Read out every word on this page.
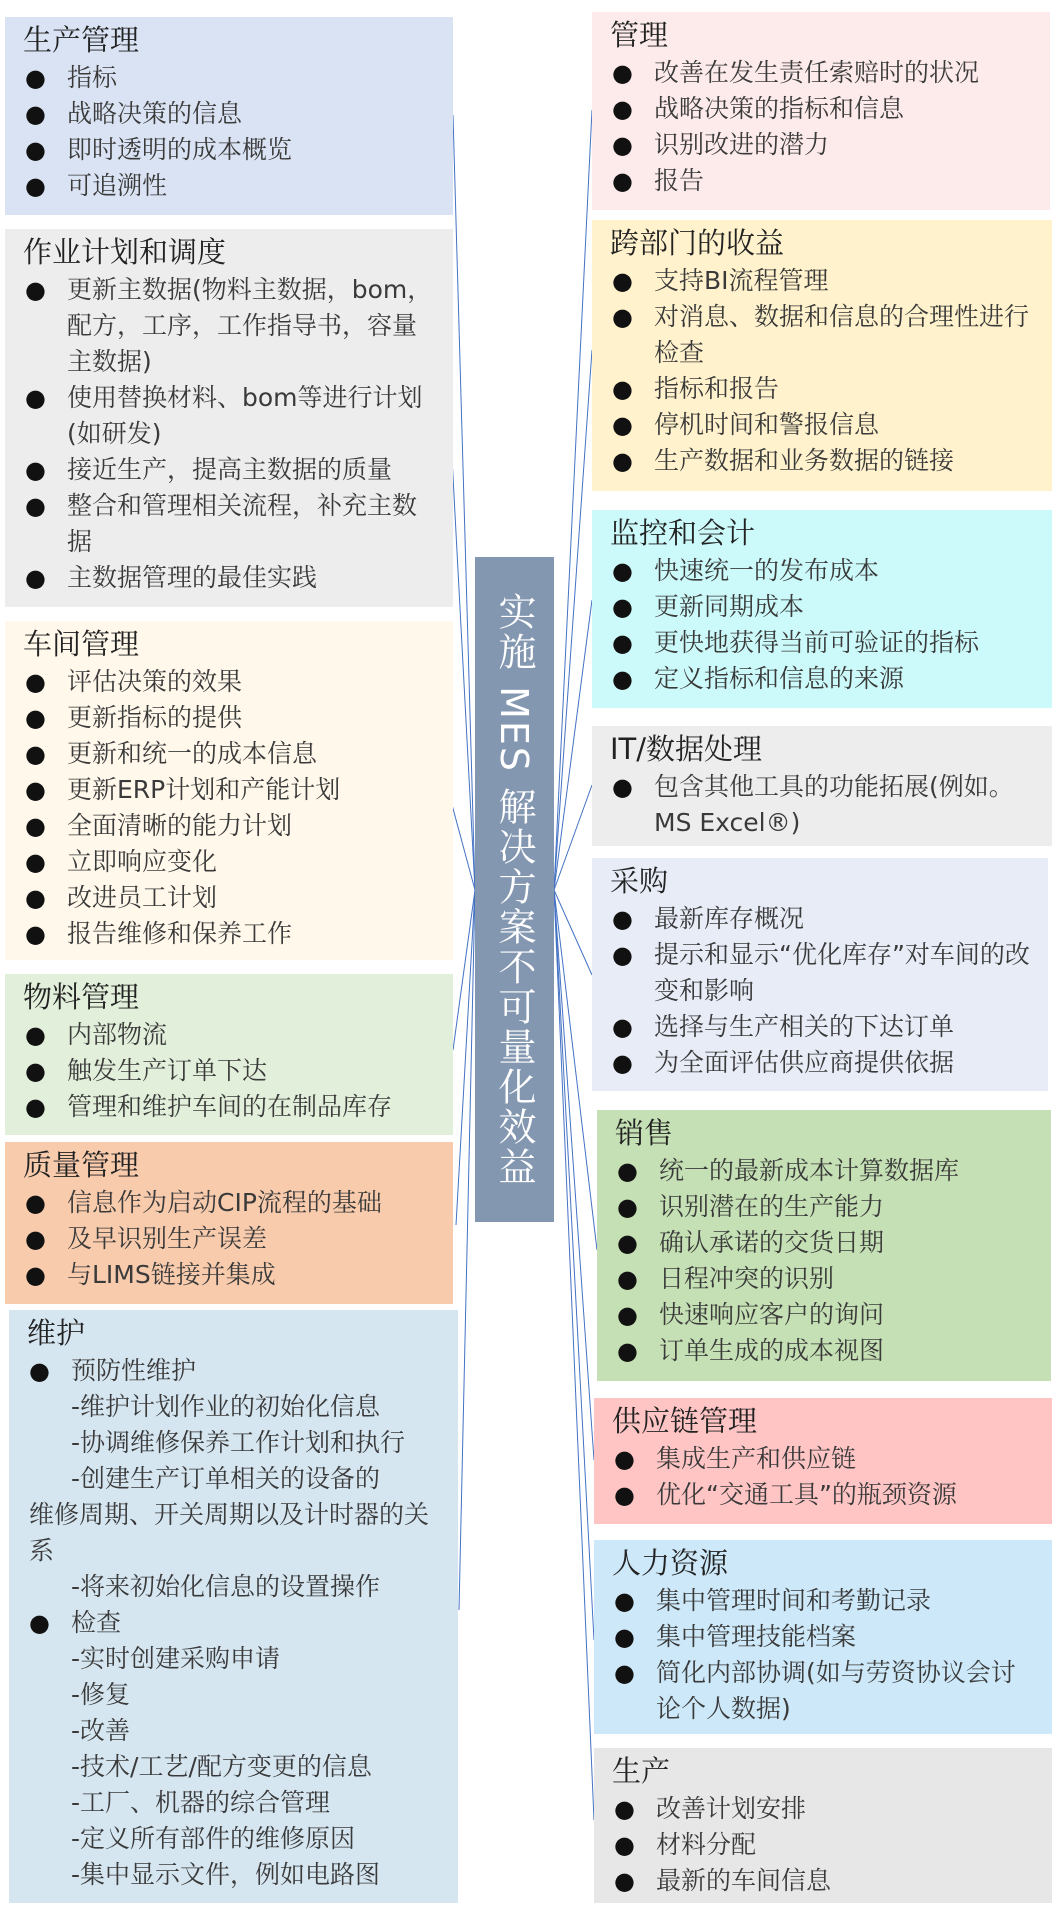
实施 MES 解决方案不可量化效益
生产管理
● 指标
● 战略决策的信息
● 即时透明的成本概览
● 可追溯性
作业计划和调度
● 更新主数据(物料主数据，bom，配方，工序，工作指导书，容量主数据)
● 使用替换材料、bom等进行计划(如研发)
● 接近生产，提高主数据的质量
● 整合和管理相关流程，补充主数据
● 主数据管理的最佳实践
车间管理
● 评估决策的效果
● 更新指标的提供
● 更新和统一的成本信息
● 更新ERP计划和产能计划
● 全面清晰的能力计划
● 立即响应变化
● 改进员工计划
● 报告维修和保养工作
物料管理
● 内部物流
● 触发生产订单下达
● 管理和维护车间的在制品库存
质量管理
● 信息作为启动CIP流程的基础
● 及早识别生产误差
● 与LIMS链接并集成
维护
● 预防性维护
-维护计划作业的初始化信息
-协调维修保养工作计划和执行
-创建生产订单相关的设备的
维修周期、开关周期以及计时器的关系
-将来初始化信息的设置操作
● 检查
-实时创建采购申请
-修复
-改善
-技术/工艺/配方变更的信息
-工厂、机器的综合管理
-定义所有部件的维修原因
-集中显示文件，例如电路图
管理
● 改善在发生责任索赔时的状况
● 战略决策的指标和信息
● 识别改进的潜力
● 报告
跨部门的收益
● 支持BI流程管理
● 对消息、数据和信息的合理性进行检查
● 指标和报告
● 停机时间和警报信息
● 生产数据和业务数据的链接
监控和会计
● 快速统一的发布成本
● 更新同期成本
● 更快地获得当前可验证的指标
● 定义指标和信息的来源
IT/数据处理
● 包含其他工具的功能拓展(例如。MS Excel®)
采购
● 最新库存概况
● 提示和显示“优化库存”对车间的改变和影响
● 选择与生产相关的下达订单
● 为全面评估供应商提供依据
销售
● 统一的最新成本计算数据库
● 识别潜在的生产能力
● 确认承诺的交货日期
● 日程冲突的识别
● 快速响应客户的询问
● 订单生成的成本视图
供应链管理
● 集成生产和供应链
● 优化“交通工具”的瓶颈资源
人力资源
● 集中管理时间和考勤记录
● 集中管理技能档案
● 简化内部协调(如与劳资协议会讨论个人数据)
生产
● 改善计划安排
● 材料分配
● 最新的车间信息
